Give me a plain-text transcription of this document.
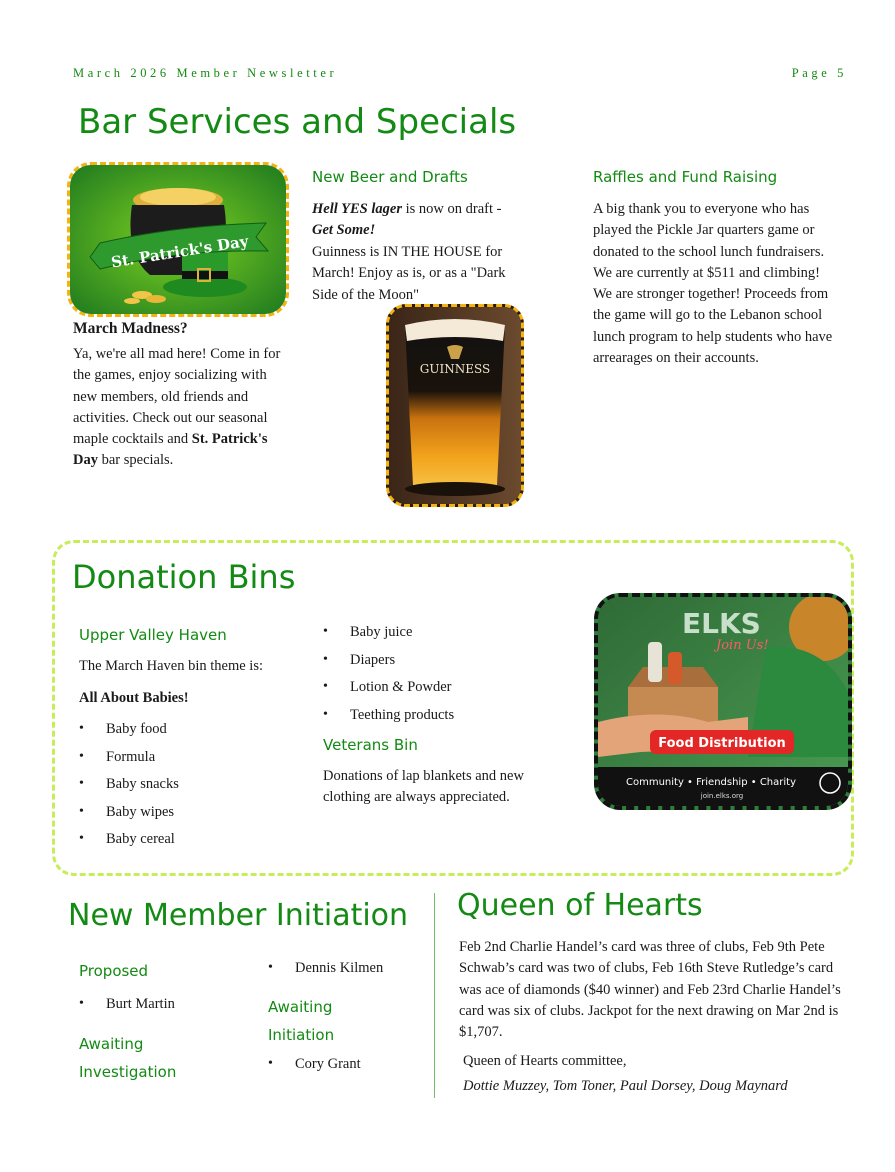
March 2026 Member Newsletter	Page 5
Bar Services and Specials
St. Patrick's Day
March Madness?
Ya, we're all mad here! Come in for the games, enjoy socializing with new members, old friends and activities. Check out our seasonal maple cocktails and St. Patrick's Day bar specials.
New Beer and Drafts
Hell YES lager is now on draft -
Get Some!
Guinness is IN THE HOUSE for March! Enjoy as is, or as a "Dark Side of the Moon"
GUINNESS
Raffles and Fund Raising
A big thank you to everyone who has played the Pickle Jar quarters game or donated to the school lunch fundraisers. We are currently at $511 and climbing! We are stronger together! Proceeds from the game will go to the Lebanon school lunch program to help students who have arrearages on their accounts.
Donation Bins
Upper Valley Haven
The March Haven bin theme is:
All About Babies!
• Baby food
• Formula
• Baby snacks
• Baby wipes
• Baby cereal
• Baby juice
• Diapers
• Lotion & Powder
• Teething products
Veterans Bin
Donations of lap blankets and new clothing are always appreciated.
ELKS
Join Us!
Food Distribution
Community • Friendship • Charity
join.elks.org
New Member Initiation
Proposed
• Burt Martin
Awaiting
Investigation
• Dennis Kilmen
Awaiting
Initiation
• Cory Grant
Queen of Hearts
Feb 2nd Charlie Handel’s card was three of clubs, Feb 9th Pete Schwab’s card was two of clubs, Feb 16th Steve Rutledge’s card was ace of diamonds ($40 winner) and Feb 23rd Charlie Handel’s card was six of clubs. Jackpot for the next drawing on Mar 2nd is $1,707.
Queen of Hearts committee,
Dottie Muzzey, Tom Toner, Paul Dorsey, Doug Maynard
